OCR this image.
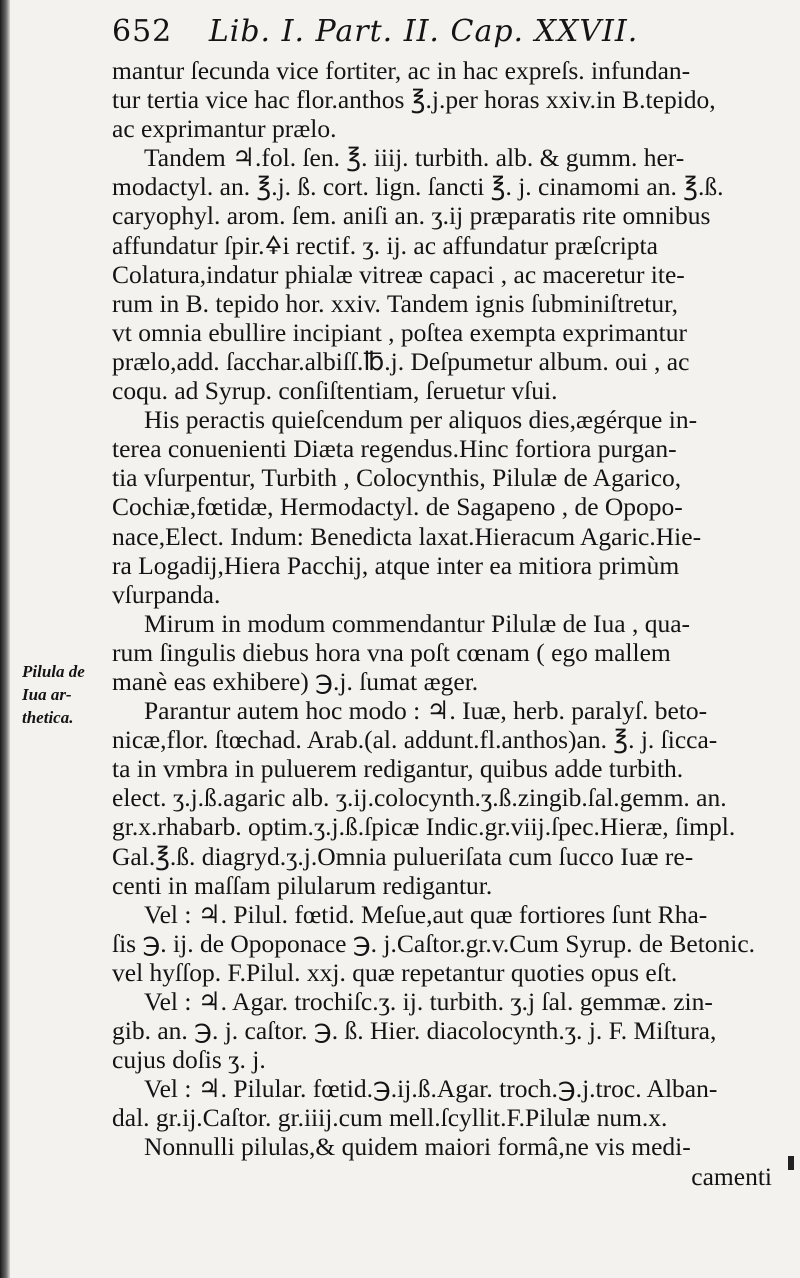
652 Lib. I. Part. II. Cap. XXVII.
Pilula de
Iua ar-
thetica.
mantur ſecunda vice fortiter, ac in hac expreſs. infundan-
tur tertia vice hac flor.anthos ℥.j.per horas xxiv.in B.tepido,
ac exprimantur prælo.
Tandem ♃.fol. ſen. ℥. iiij. turbith. alb. & gumm. her-
modactyl. an. ℥.j. ß. cort. lign. ſancti ℥. j. cinamomi an. ℥.ß.
caryophyl. arom. ſem. aniſi an. ʒ.ij præparatis rite omnibus
affundatur ſpir.🜍i rectif. ʒ. ij. ac affundatur præſcripta
Colatura,indatur phialæ vitreæ capaci , ac maceretur ite-
rum in B. tepido hor. xxiv. Tandem ignis ſubminiſtretur,
vt omnia ebullire incipiant , poſtea exempta exprimantur
prælo,add. ſacchar.albiſſ.℔.j. Deſpumetur album. oui , ac
coqu. ad Syrup. conſiſtentiam, ſeruetur vſui.
His peractis quieſcendum per aliquos dies,ægérque in-
terea conuenienti Diæta regendus.Hinc fortiora purgan-
tia vſurpentur, Turbith , Colocynthis, Pilulæ de Agarico,
Cochiæ,fœtidæ, Hermodactyl. de Sagapeno , de Opopo-
nace,Elect. Indum: Benedicta laxat.Hieracum Agaric.Hie-
ra Logadij,Hiera Pacchij, atque inter ea mitiora primùm
vſurpanda.
Mirum in modum commendantur Pilulæ de Iua , qua-
rum ſingulis diebus hora vna poſt cœnam ( ego mallem
manè eas exhibere) ℈.j. ſumat æger.
Parantur autem hoc modo : ♃. Iuæ, herb. paralyſ. beto-
nicæ,flor. ſtœchad. Arab.(al. addunt.fl.anthos)an. ℥. j. ſicca-
ta in vmbra in puluerem redigantur, quibus adde turbith.
elect. ʒ.j.ß.agaric alb. ʒ.ij.colocynth.ʒ.ß.zingib.ſal.gemm. an.
gr.x.rhabarb. optim.ʒ.j.ß.ſpicæ Indic.gr.viij.ſpec.Hieræ, ſimpl.
Gal.℥.ß. diagryd.ʒ.j.Omnia pulueriſata cum ſucco Iuæ re-
centi in maſſam pilularum redigantur.
Vel : ♃. Pilul. fœtid. Meſue,aut quæ fortiores ſunt Rha-
ſis ℈. ij. de Opoponace ℈. j.Caſtor.gr.v.Cum Syrup. de Betonic.
vel hyſſop. F.Pilul. xxj. quæ repetantur quoties opus eſt.
Vel : ♃. Agar. trochiſc.ʒ. ij. turbith. ʒ.j ſal. gemmæ. zin-
gib. an. ℈. j. caſtor. ℈. ß. Hier. diacolocynth.ʒ. j. F. Miſtura,
cujus doſis ʒ. j.
Vel : ♃. Pilular. fœtid.℈.ij.ß.Agar. troch.℈.j.troc. Alban-
dal. gr.ij.Caſtor. gr.iiij.cum mell.ſcyllit.F.Pilulæ num.x.
Nonnulli pilulas,& quidem maiori formâ,ne vis medi-
camenti
